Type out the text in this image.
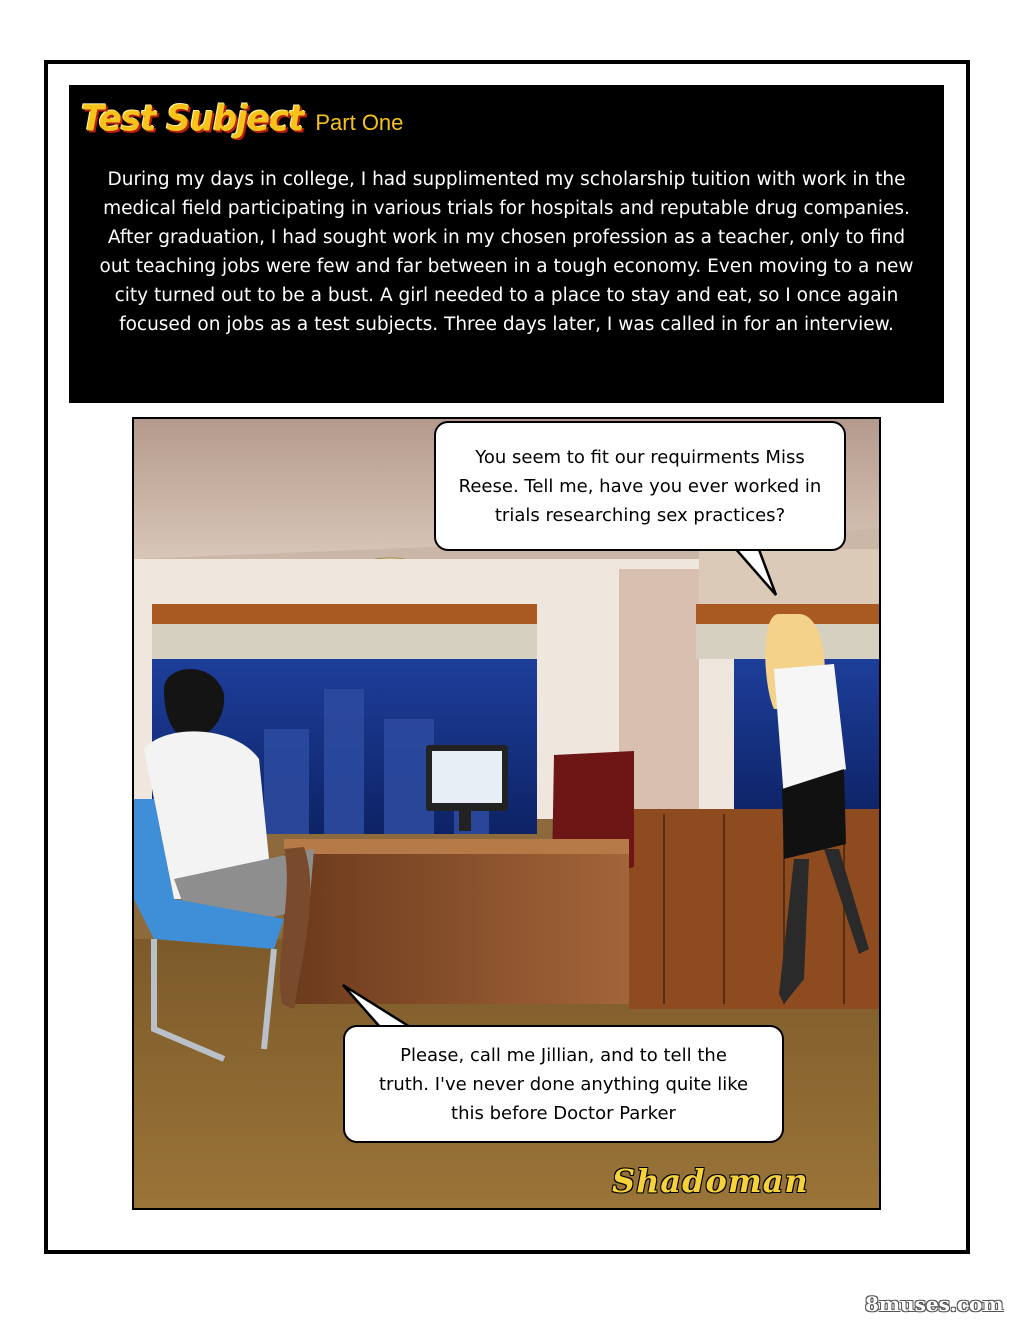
Test Subject Part One
During my days in college, I had supplimented my scholarship tuition with work in the
medical field participating in various trials for hospitals and reputable drug companies.
After graduation, I had sought work in my chosen profession as a teacher, only to find
out teaching jobs were few and far between in a tough economy. Even moving to a new
city turned out to be a bust. A girl needed to a place to stay and eat, so I once again
focused on jobs as a test subjects. Three days later, I was called in for an interview.
You seem to fit our requirments Miss
Reese. Tell me, have you ever worked in
trials researching sex practices?
Please, call me Jillian, and to tell the
truth. I've never done anything quite like
this before Doctor Parker
Shadoman
8muses.com
